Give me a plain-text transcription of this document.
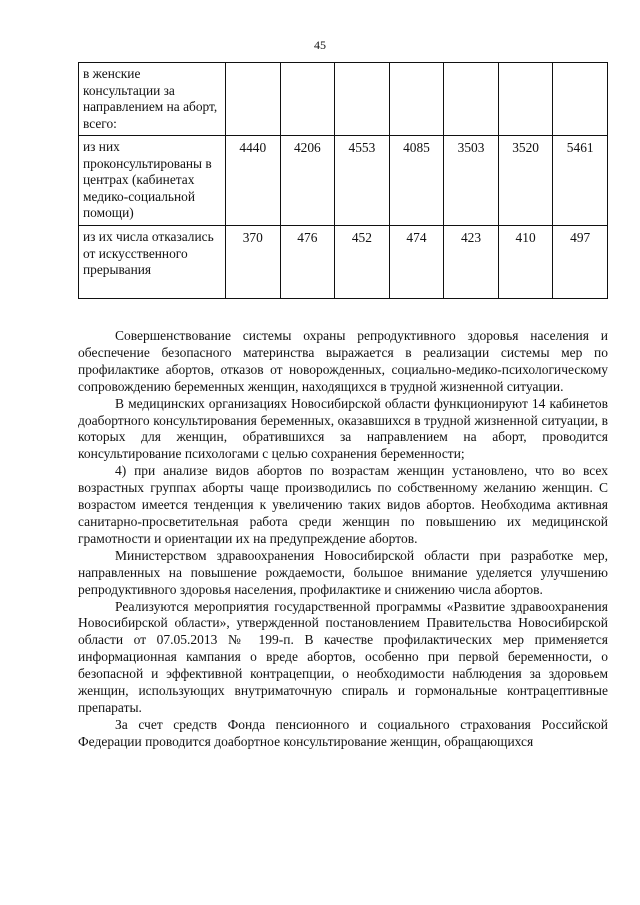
45
в женские консультации за направлением на аборт, всего:							
из них проконсультированы в центрах (кабинетах медико-социальной помощи)	4440	4206	4553	4085	3503	3520	5461
из их числа отказались от искусственного прерывания	370	476	452	474	423	410	497

Совершенствование системы охраны репродуктивного здоровья населения и обеспечение безопасного материнства выражается в реализации системы мер по профилактике абортов, отказов от новорожденных, социально-медико-психологическому сопровождению беременных женщин, находящихся в трудной жизненной ситуации.

В медицинских организациях Новосибирской области функционируют 14 кабинетов доабортного консультирования беременных, оказавшихся в трудной жизненной ситуации, в которых для женщин, обратившихся за направлением на аборт, проводится консультирование психологами с целью сохранения беременности;

4) при анализе видов абортов по возрастам женщин установлено, что во всех возрастных группах аборты чаще производились по собственному желанию женщин. С возрастом имеется тенденция к увеличению таких видов абортов. Необходима активная санитарно-просветительная работа среди женщин по повышению их медицинской грамотности и ориентации их на предупреждение абортов.

Министерством здравоохранения Новосибирской области при разработке мер, направленных на повышение рождаемости, большое внимание уделяется улучшению репродуктивного здоровья населения, профилактике и снижению числа абортов.

Реализуются мероприятия государственной программы «Развитие здравоохранения Новосибирской области», утвержденной постановлением Правительства Новосибирской области от 07.05.2013 № 199-п. В качестве профилактических мер применяется информационная кампания о вреде абортов, особенно при первой беременности, о безопасной и эффективной контрацепции, о необходимости наблюдения за здоровьем женщин, использующих внутриматочную спираль и гормональные контрацептивные препараты.

За счет средств Фонда пенсионного и социального страхования Российской Федерации проводится доабортное консультирование женщин, обращающихся
